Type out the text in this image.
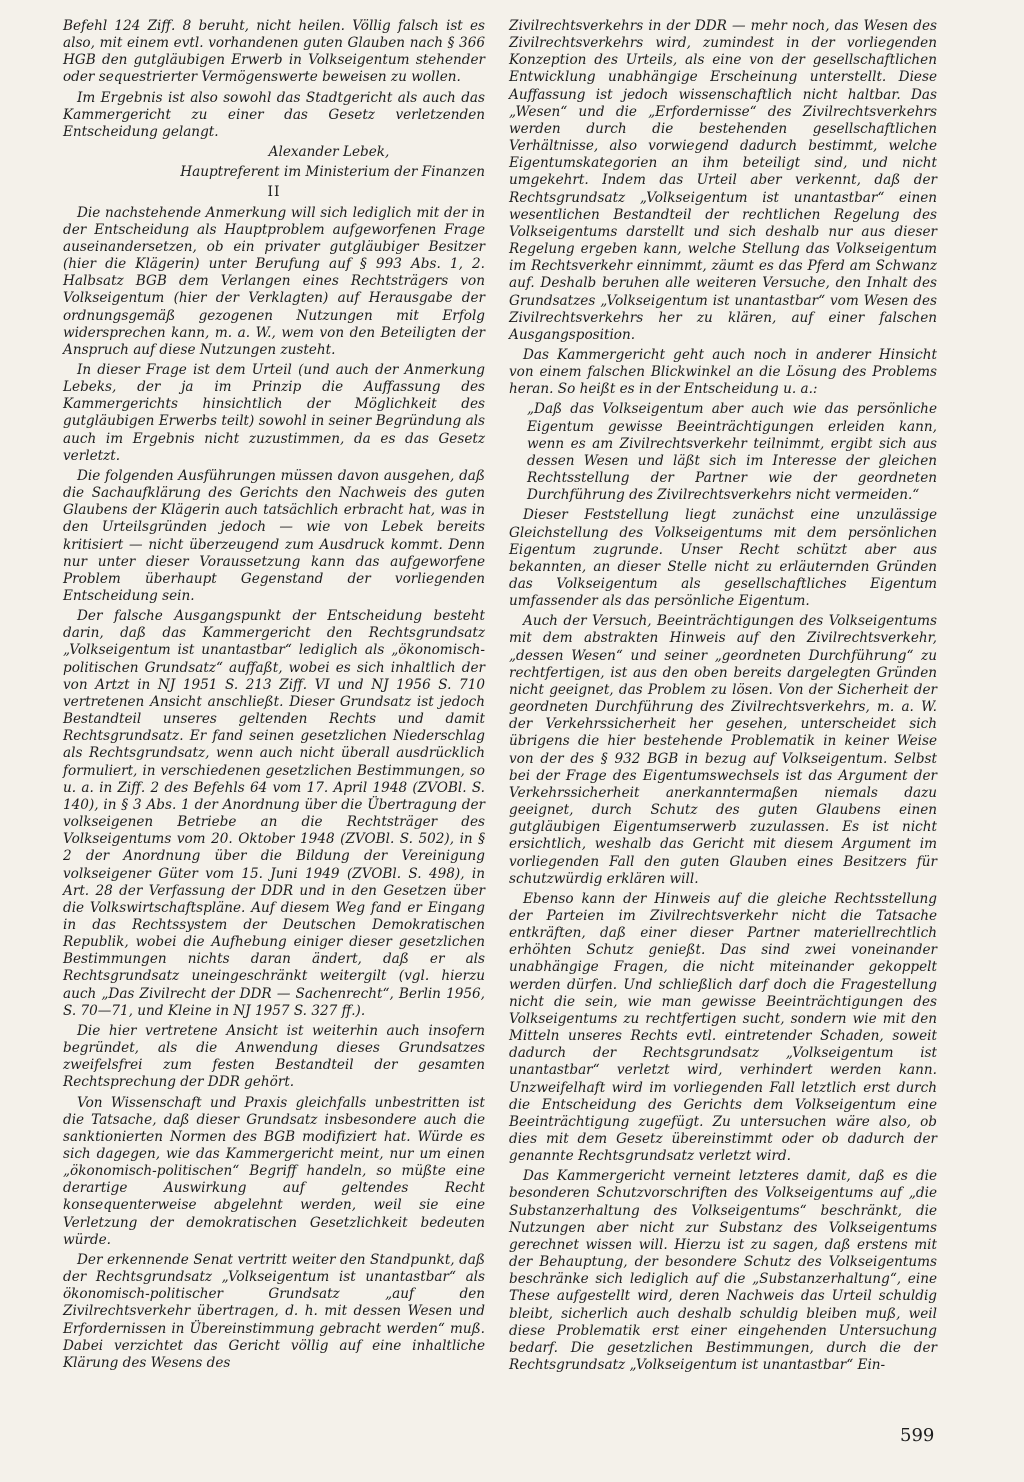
Befehl 124 Ziff. 8 beruht, nicht heilen. Völlig falsch ist es also, mit einem evtl. vorhandenen guten Glauben nach § 366 HGB den gutgläubigen Erwerb in Volkseigentum stehender oder sequestrierter Vermögenswerte beweisen zu wollen.

Im Ergebnis ist also sowohl das Stadtgericht als auch das Kammergericht zu einer das Gesetz verletzenden Entscheidung gelangt.

Alexander Lebek,

Hauptreferent im Ministerium der Finanzen

II

Die nachstehende Anmerkung will sich lediglich mit der in der Entscheidung als Hauptproblem aufgeworfenen Frage auseinandersetzen, ob ein privater gutgläubiger Besitzer (hier die Klägerin) unter Berufung auf § 993 Abs. 1, 2. Halbsatz BGB dem Verlangen eines Rechtsträgers von Volkseigentum (hier der Verklagten) auf Herausgabe der ordnungsgemäß gezogenen Nutzungen mit Erfolg widersprechen kann, m. a. W., wem von den Beteiligten der Anspruch auf diese Nutzungen zusteht.

In dieser Frage ist dem Urteil (und auch der Anmerkung Lebeks, der ja im Prinzip die Auffassung des Kammergerichts hinsichtlich der Möglichkeit des gutgläubigen Erwerbs teilt) sowohl in seiner Begründung als auch im Ergebnis nicht zuzustimmen, da es das Gesetz verletzt.

Die folgenden Ausführungen müssen davon ausgehen, daß die Sachaufklärung des Gerichts den Nachweis des guten Glaubens der Klägerin auch tatsächlich erbracht hat, was in den Urteilsgründen jedoch — wie von Lebek bereits kritisiert — nicht überzeugend zum Ausdruck kommt. Denn nur unter dieser Voraussetzung kann das aufgeworfene Problem überhaupt Gegenstand der vorliegenden Entscheidung sein.

Der falsche Ausgangspunkt der Entscheidung besteht darin, daß das Kammergericht den Rechtsgrundsatz „Volkseigentum ist unantastbar“ lediglich als „ökonomisch-politischen Grundsatz“ auffaßt, wobei es sich inhaltlich der von Artzt in NJ 1951 S. 213 Ziff. VI und NJ 1956 S. 710 vertretenen Ansicht anschließt. Dieser Grundsatz ist jedoch Bestandteil unseres geltenden Rechts und damit Rechtsgrundsatz. Er fand seinen gesetzlichen Niederschlag als Rechtsgrundsatz, wenn auch nicht überall ausdrücklich formuliert, in verschiedenen gesetzlichen Bestimmungen, so u. a. in Ziff. 2 des Befehls 64 vom 17. April 1948 (ZVOBl. S. 140), in § 3 Abs. 1 der Anordnung über die Übertragung der volkseigenen Betriebe an die Rechtsträger des Volkseigentums vom 20. Oktober 1948 (ZVOBl. S. 502), in § 2 der Anordnung über die Bildung der Vereinigung volkseigener Güter vom 15. Juni 1949 (ZVOBl. S. 498), in Art. 28 der Verfassung der DDR und in den Gesetzen über die Volkswirtschaftspläne. Auf diesem Weg fand er Eingang in das Rechtssystem der Deutschen Demokratischen Republik, wobei die Aufhebung einiger dieser gesetzlichen Bestimmungen nichts daran ändert, daß er als Rechtsgrundsatz uneingeschränkt weitergilt (vgl. hierzu auch „Das Zivilrecht der DDR — Sachenrecht“, Berlin 1956, S. 70—71, und Kleine in NJ 1957 S. 327 ff.).

Die hier vertretene Ansicht ist weiterhin auch insofern begründet, als die Anwendung dieses Grundsatzes zweifelsfrei zum festen Bestandteil der gesamten Rechtsprechung der DDR gehört.

Von Wissenschaft und Praxis gleichfalls unbestritten ist die Tatsache, daß dieser Grundsatz insbesondere auch die sanktionierten Normen des BGB modifiziert hat. Würde es sich dagegen, wie das Kammergericht meint, nur um einen „ökonomisch-politischen“ Begriff handeln, so müßte eine derartige Auswirkung auf geltendes Recht konsequenterweise abgelehnt werden, weil sie eine Verletzung der demokratischen Gesetzlichkeit bedeuten würde.

Der erkennende Senat vertritt weiter den Standpunkt, daß der Rechtsgrundsatz „Volkseigentum ist unantastbar“ als ökonomisch-politischer Grundsatz „auf den Zivilrechtsverkehr übertragen, d. h. mit dessen Wesen und Erfordernissen in Übereinstimmung gebracht werden“ muß. Dabei verzichtet das Gericht völlig auf eine inhaltliche Klärung des Wesens des

Zivilrechtsverkehrs in der DDR — mehr noch, das Wesen des Zivilrechtsverkehrs wird, zumindest in der vorliegenden Konzeption des Urteils, als eine von der gesellschaftlichen Entwicklung unabhängige Erscheinung unterstellt. Diese Auffassung ist jedoch wissenschaftlich nicht haltbar. Das „Wesen“ und die „Erfordernisse“ des Zivilrechtsverkehrs werden durch die bestehenden gesellschaftlichen Verhältnisse, also vorwiegend dadurch bestimmt, welche Eigentumskategorien an ihm beteiligt sind, und nicht umgekehrt. Indem das Urteil aber verkennt, daß der Rechtsgrundsatz „Volkseigentum ist unantastbar“ einen wesentlichen Bestandteil der rechtlichen Regelung des Volkseigentums darstellt und sich deshalb nur aus dieser Regelung ergeben kann, welche Stellung das Volkseigentum im Rechtsverkehr einnimmt, zäumt es das Pferd am Schwanz auf. Deshalb beruhen alle weiteren Versuche, den Inhalt des Grundsatzes „Volkseigentum ist unantastbar“ vom Wesen des Zivilrechtsverkehrs her zu klären, auf einer falschen Ausgangsposition.

Das Kammergericht geht auch noch in anderer Hinsicht von einem falschen Blickwinkel an die Lösung des Problems heran. So heißt es in der Entscheidung u. a.:

„Daß das Volkseigentum aber auch wie das persönliche Eigentum gewisse Beeinträchtigungen erleiden kann, wenn es am Zivilrechtsverkehr teilnimmt, ergibt sich aus dessen Wesen und läßt sich im Interesse der gleichen Rechtsstellung der Partner wie der geordneten Durchführung des Zivilrechtsverkehrs nicht vermeiden.“

Dieser Feststellung liegt zunächst eine unzulässige Gleichstellung des Volkseigentums mit dem persönlichen Eigentum zugrunde. Unser Recht schützt aber aus bekannten, an dieser Stelle nicht zu erläuternden Gründen das Volkseigentum als gesellschaftliches Eigentum umfassender als das persönliche Eigentum.

Auch der Versuch, Beeinträchtigungen des Volkseigentums mit dem abstrakten Hinweis auf den Zivilrechtsverkehr, „dessen Wesen“ und seiner „geordneten Durchführung“ zu rechtfertigen, ist aus den oben bereits dargelegten Gründen nicht geeignet, das Problem zu lösen. Von der Sicherheit der geordneten Durchführung des Zivilrechtsverkehrs, m. a. W. der Verkehrssicherheit her gesehen, unterscheidet sich übrigens die hier bestehende Problematik in keiner Weise von der des § 932 BGB in bezug auf Volkseigentum. Selbst bei der Frage des Eigentumswechsels ist das Argument der Verkehrssicherheit anerkanntermaßen niemals dazu geeignet, durch Schutz des guten Glaubens einen gutgläubigen Eigentumserwerb zuzulassen. Es ist nicht ersichtlich, weshalb das Gericht mit diesem Argument im vorliegenden Fall den guten Glauben eines Besitzers für schutzwürdig erklären will.

Ebenso kann der Hinweis auf die gleiche Rechtsstellung der Parteien im Zivilrechtsverkehr nicht die Tatsache entkräften, daß einer dieser Partner materiellrechtlich erhöhten Schutz genießt. Das sind zwei voneinander unabhängige Fragen, die nicht miteinander gekoppelt werden dürfen. Und schließlich darf doch die Fragestellung nicht die sein, wie man gewisse Beeinträchtigungen des Volkseigentums zu rechtfertigen sucht, sondern wie mit den Mitteln unseres Rechts evtl. eintretender Schaden, soweit dadurch der Rechtsgrundsatz „Volkseigentum ist unantastbar“ verletzt wird, verhindert werden kann. Unzweifelhaft wird im vorliegenden Fall letztlich erst durch die Entscheidung des Gerichts dem Volkseigentum eine Beeinträchtigung zugefügt. Zu untersuchen wäre also, ob dies mit dem Gesetz übereinstimmt oder ob dadurch der genannte Rechtsgrundsatz verletzt wird.

Das Kammergericht verneint letzteres damit, daß es die besonderen Schutzvorschriften des Volkseigentums auf „die Substanzerhaltung des Volkseigentums“ beschränkt, die Nutzungen aber nicht zur Substanz des Volkseigentums gerechnet wissen will. Hierzu ist zu sagen, daß erstens mit der Behauptung, der besondere Schutz des Volkseigentums beschränke sich lediglich auf die „Substanzerhaltung“, eine These aufgestellt wird, deren Nachweis das Urteil schuldig bleibt, sicherlich auch deshalb schuldig bleiben muß, weil diese Problematik erst einer eingehenden Untersuchung bedarf. Die gesetzlichen Bestimmungen, durch die der Rechtsgrundsatz „Volkseigentum ist unantastbar“ Ein-

599
